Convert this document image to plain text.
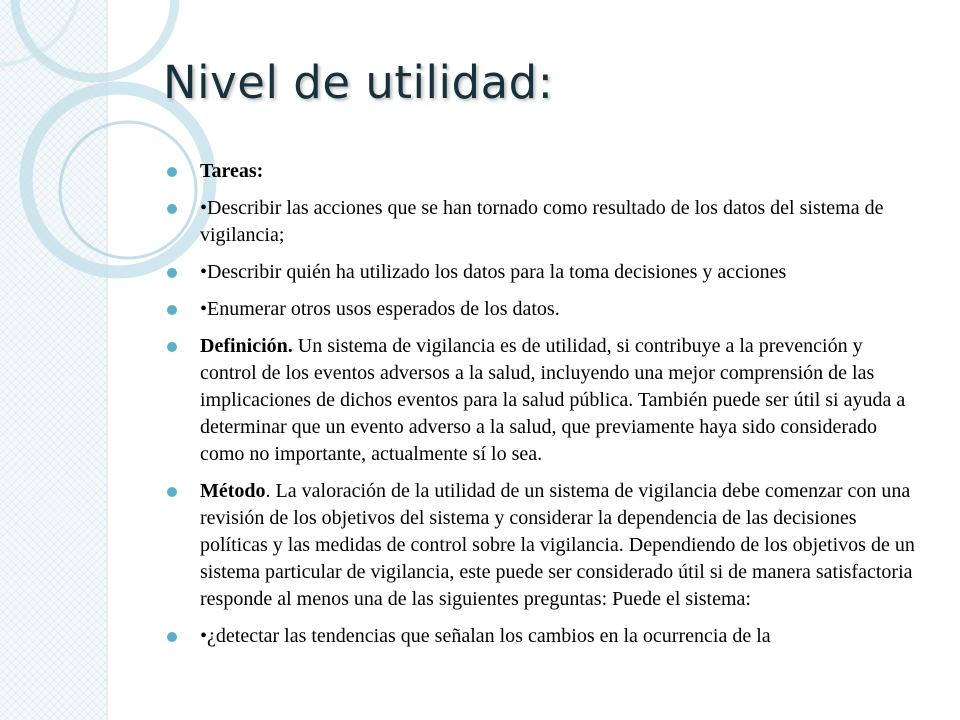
Nivel de utilidad:
Tareas:
•Describir las acciones que se han tornado como resultado de los datos del sistema de vigilancia;
•Describir quién ha utilizado los datos para la toma decisiones y acciones
•Enumerar otros usos esperados de los datos.
Definición. Un sistema de vigilancia es de utilidad, si contribuye a la prevención y control de los eventos adversos a la salud, incluyendo una mejor comprensión de las implicaciones de dichos eventos para la salud pública. También puede ser útil si ayuda a determinar que un evento adverso a la salud, que previamente haya sido considerado como no importante, actualmente sí lo sea.
Método. La valoración de la utilidad de un sistema de vigilancia debe comenzar con una revisión de los objetivos del sistema y considerar la dependencia de las decisiones políticas y las medidas de control sobre la vigilancia. Dependiendo de los objetivos de un sistema particular de vigilancia, este puede ser considerado útil si de manera satisfactoria responde al menos una de las siguientes preguntas: Puede el sistema:
•¿detectar las tendencias que señalan los cambios en la ocurrencia de la
